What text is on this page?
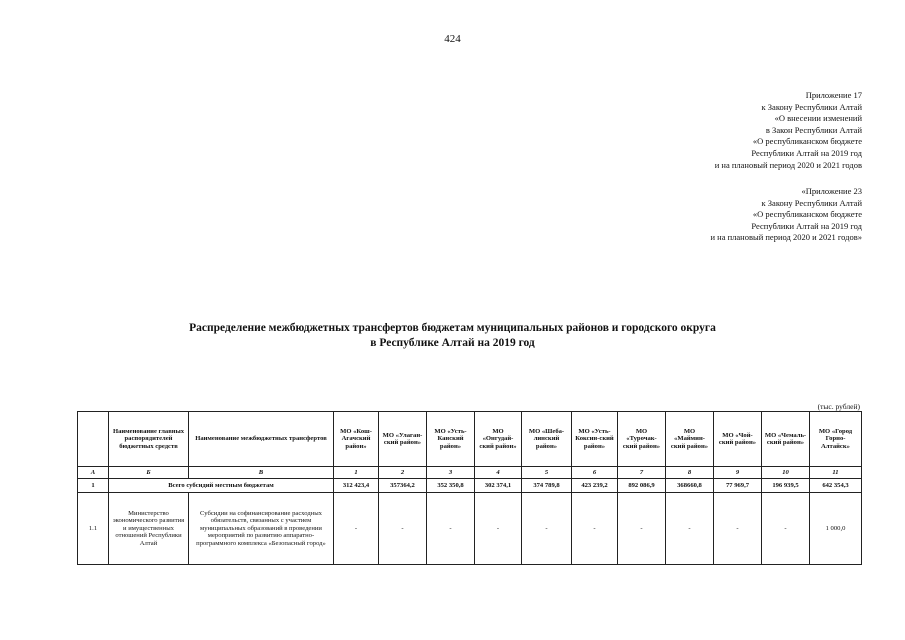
424
Приложение 17
к Закону Республики Алтай
«О внесении изменений
в Закон Республики Алтай
«О республиканском бюджете
Республики Алтай на 2019 год
и на плановый период 2020 и 2021 годов
«Приложение 23
к Закону Республики Алтай
«О республиканском бюджете
Республики Алтай на 2019 год
и на плановый период 2020 и 2021 годов»
Распределение межбюджетных трансфертов бюджетам муниципальных районов и городского округа
в Республике Алтай на 2019 год
(тыс. рублей)
	Наименование главных распорядителей бюджетных средств	Наименование межбюджетных трансфертов	МО «Кош-Агачский район»	МО «Улаган-ский район»	МО «Усть-Канский район»	МО «Онгудай-ский район»	МО «Шеба-линский район»	МО «Усть-Коксин-ский район»	МО «Турочак-ский район»	МО «Маймин-ский район»	МО «Чой-ский район»	МО «Чемаль-ский район»	МО «Город Горно-Алтайск»
А	Б	В	1	2	3	4	5	6	7	8	9	10	11
1	Всего субсидий местным бюджетам		312 423,4	357364,2	352 350,8	302 374,1	374 789,8	423 239,2	892 086,9	368660,8	77 969,7	196 939,5	642 354,3
1.1	Министерство экономического развития и имущественных отношений Республики Алтай	Субсидии на софинансирование расходных обязательств, связанных с участием муниципальных образований в проведении мероприятий по развитию аппаратно-программного комплекса «Безопасный город»	-	-	-	-	-	-	-	-	-	-	1 000,0
